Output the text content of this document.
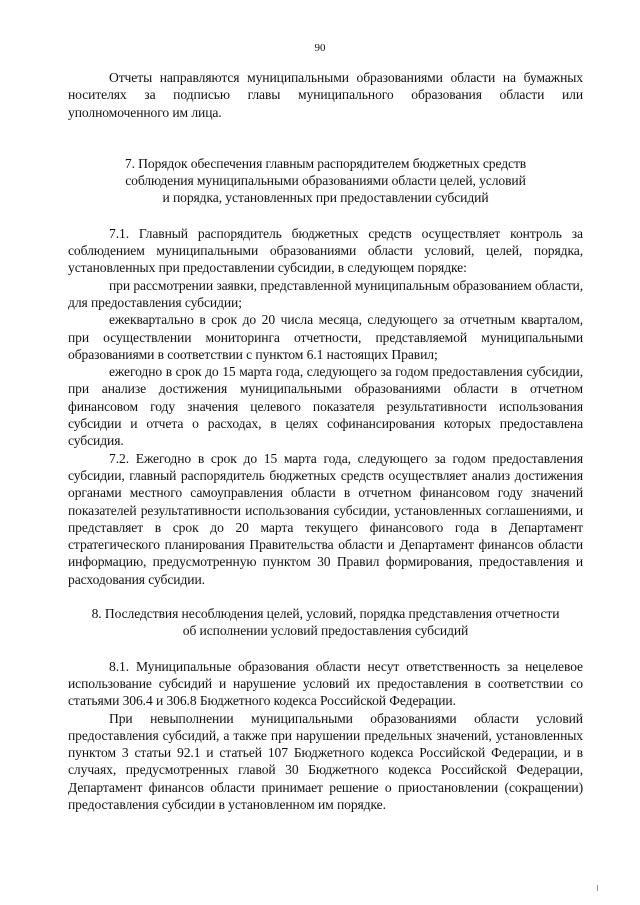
90

Отчеты направляются муниципальными образованиями области на бумажных носителях за подписью главы муниципального образования области или уполномоченного им лица.

7. Порядок обеспечения главным распорядителем бюджетных средств
соблюдения муниципальными образованиями области целей, условий
и порядка, установленных при предоставлении субсидий

7.1. Главный распорядитель бюджетных средств осуществляет контроль за соблюдением муниципальными образованиями области условий, целей, порядка, установленных при предоставлении субсидии, в следующем порядке:

при рассмотрении заявки, представленной муниципальным образованием области, для предоставления субсидии;

ежеквартально в срок до 20 числа месяца, следующего за отчетным кварталом, при осуществлении мониторинга отчетности, представляемой муниципальными образованиями в соответствии с пунктом 6.1 настоящих Правил;

ежегодно в срок до 15 марта года, следующего за годом предоставления субсидии, при анализе достижения муниципальными образованиями области в отчетном финансовом году значения целевого показателя результативности использования субсидии и отчета о расходах, в целях софинансирования которых предоставлена субсидия.

7.2. Ежегодно в срок до 15 марта года, следующего за годом предоставления субсидии, главный распорядитель бюджетных средств осуществляет анализ достижения органами местного самоуправления области в отчетном финансовом году значений показателей результативности использования субсидии, установленных соглашениями, и представляет в срок до 20 марта текущего финансового года в Департамент стратегического планирования Правительства области и Департамент финансов области информацию, предусмотренную пунктом 30 Правил формирования, предоставления и расходования субсидии.

8. Последствия несоблюдения целей, условий, порядка представления отчетности
об исполнении условий предоставления субсидий

8.1. Муниципальные образования области несут ответственность за нецелевое использование субсидий и нарушение условий их предоставления в соответствии со статьями 306.4 и 306.8 Бюджетного кодекса Российской Федерации.

При невыполнении муниципальными образованиями области условий предоставления субсидий, а также при нарушении предельных значений, установленных пунктом 3 статьи 92.1 и статьей 107 Бюджетного кодекса Российской Федерации, и в случаях, предусмотренных главой 30 Бюджетного кодекса Российской Федерации, Департамент финансов области принимает решение о приостановлении (сокращении) предоставления субсидии в установленном им порядке.
